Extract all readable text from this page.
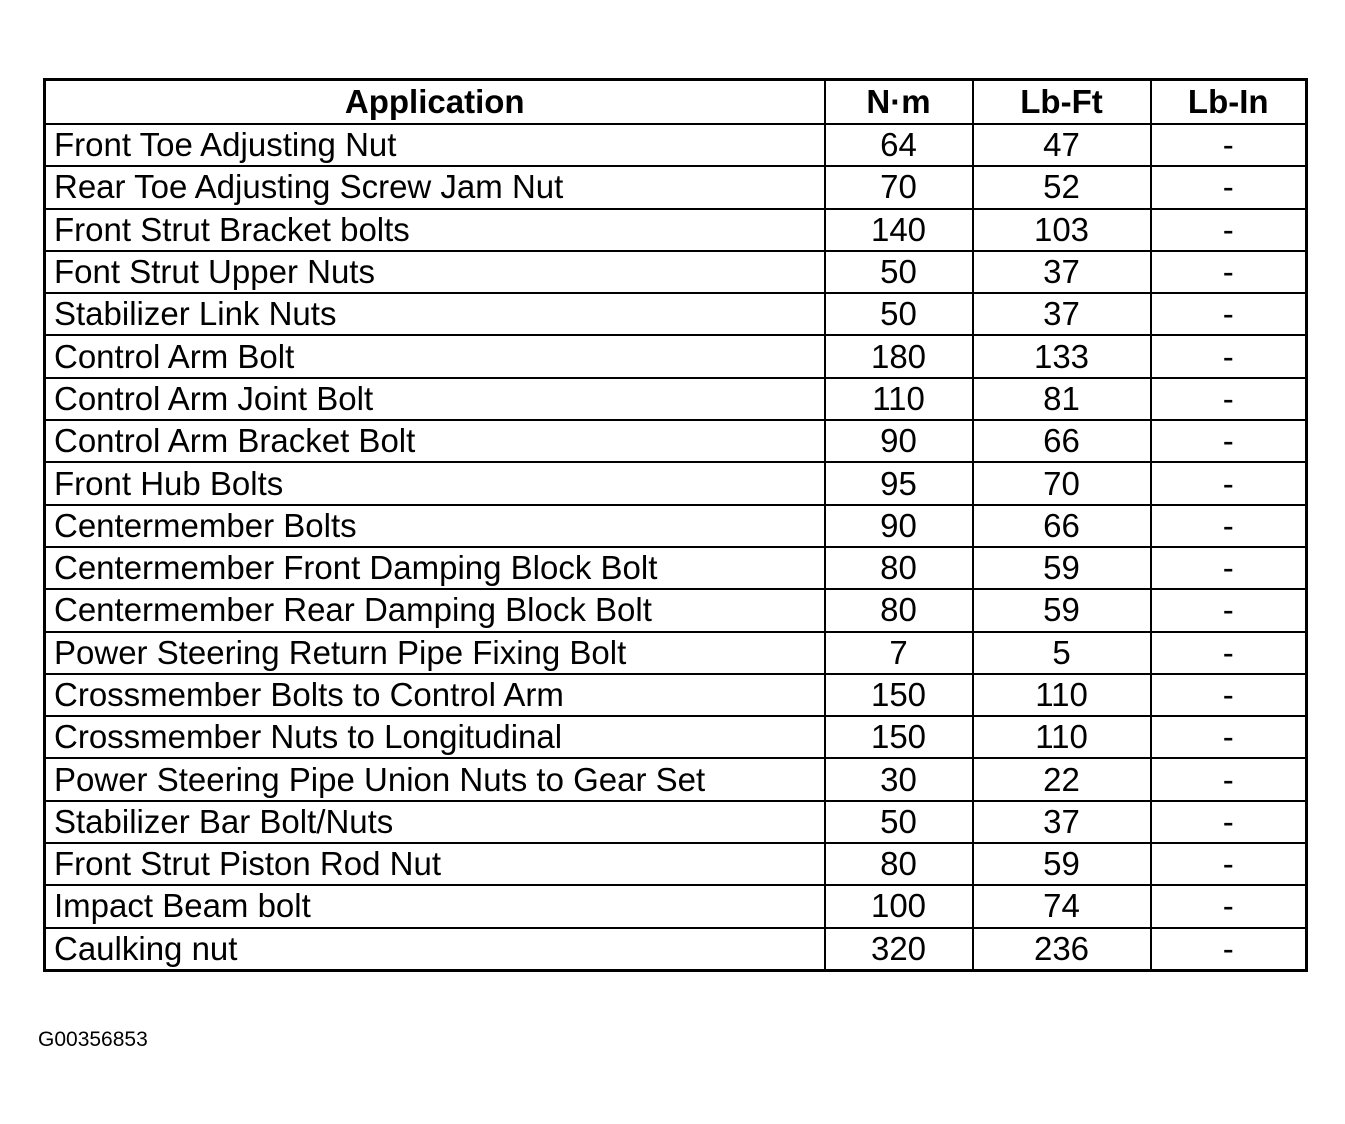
Application	N·m	Lb-Ft	Lb-In
Front Toe Adjusting Nut	64	47	-
Rear Toe Adjusting Screw Jam Nut	70	52	-
Front Strut Bracket bolts	140	103	-
Font Strut Upper Nuts	50	37	-
Stabilizer Link Nuts	50	37	-
Control Arm Bolt	180	133	-
Control Arm Joint Bolt	110	81	-
Control Arm Bracket Bolt	90	66	-
Front Hub Bolts	95	70	-
Centermember Bolts	90	66	-
Centermember Front Damping Block Bolt	80	59	-
Centermember Rear Damping Block Bolt	80	59	-
Power Steering Return Pipe Fixing Bolt	7	5	-
Crossmember Bolts to Control Arm	150	110	-
Crossmember Nuts to Longitudinal	150	110	-
Power Steering Pipe Union Nuts to Gear Set	30	22	-
Stabilizer Bar Bolt/Nuts	50	37	-
Front Strut Piston Rod Nut	80	59	-
Impact Beam bolt	100	74	-
Caulking nut	320	236	-
G00356853
